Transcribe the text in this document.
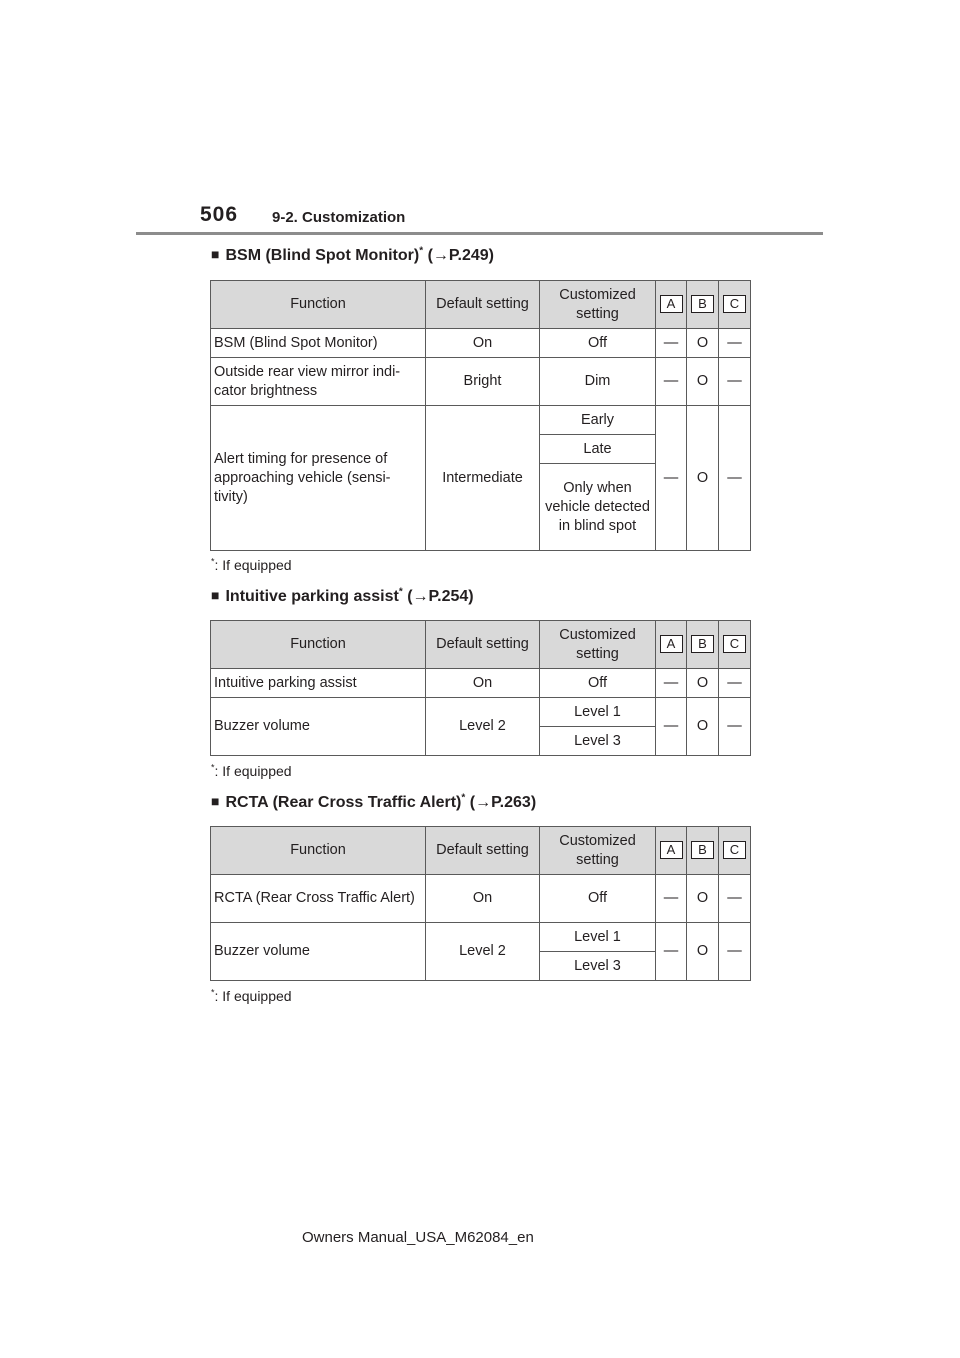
506 9-2. Customization
■ BSM (Blind Spot Monitor)* (→P.249)
Function	Default setting	Customized setting	A	B	C
BSM (Blind Spot Monitor)	On	Off	—	O	—
Outside rear view mirror indi-cator brightness	Bright	Dim	—	O	—
Alert timing for presence of approaching vehicle (sensi-tivity)	Intermediate	Early	—	O	—
		Late			
		Only when vehicle detected in blind spot			
*: If equipped
■ Intuitive parking assist* (→P.254)
Function	Default setting	Customized setting	A	B	C
Intuitive parking assist	On	Off	—	O	—
Buzzer volume	Level 2	Level 1	—	O	—
		Level 3			
*: If equipped
■ RCTA (Rear Cross Traffic Alert)* (→P.263)
Function	Default setting	Customized setting	A	B	C
RCTA (Rear Cross Traffic Alert)	On	Off	—	O	—
Buzzer volume	Level 2	Level 1	—	O	—
		Level 3			
*: If equipped
Owners Manual_USA_M62084_en
